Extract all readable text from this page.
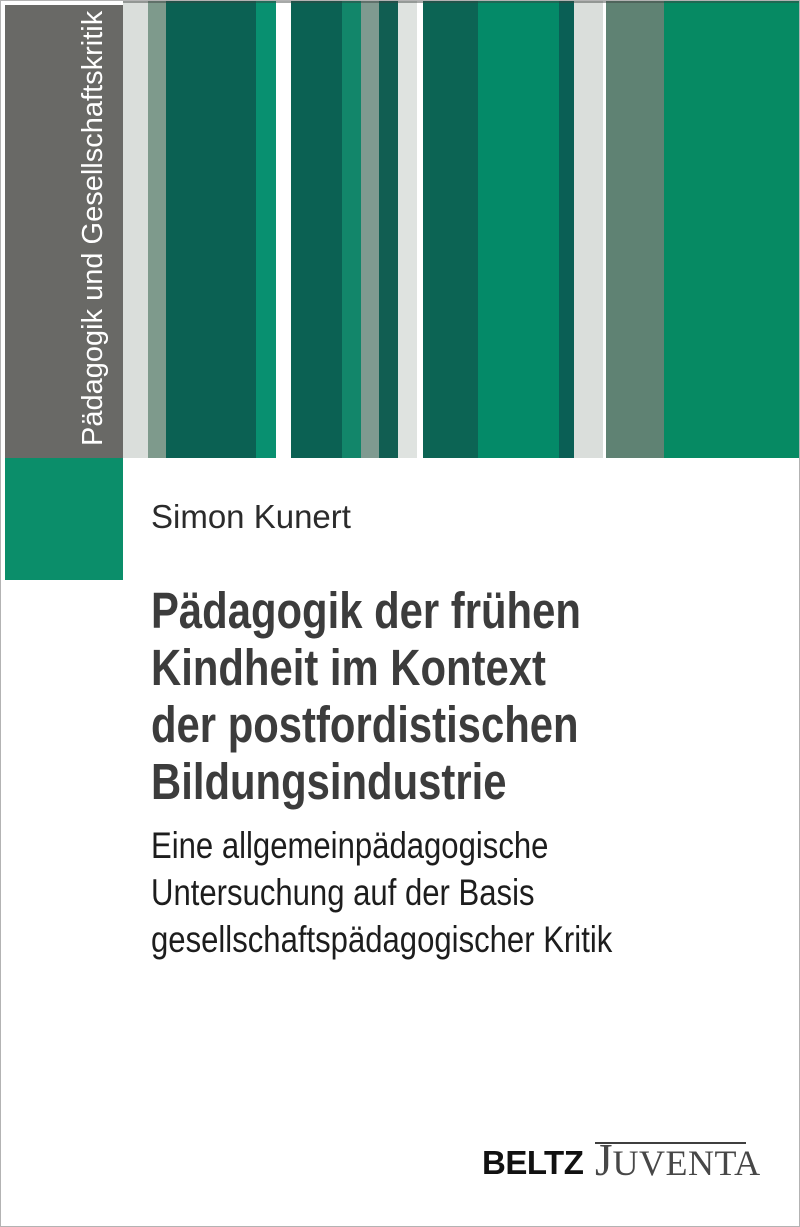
Pädagogik und Gesellschaftskritik
Simon Kunert
Pädagogik der frühen
Kindheit im Kontext
der postfordistischen
Bildungsindustrie
Eine allgemeinpädagogische
Untersuchung auf der Basis
gesellschaftspädagogischer Kritik
BELTZ J UVENTA
